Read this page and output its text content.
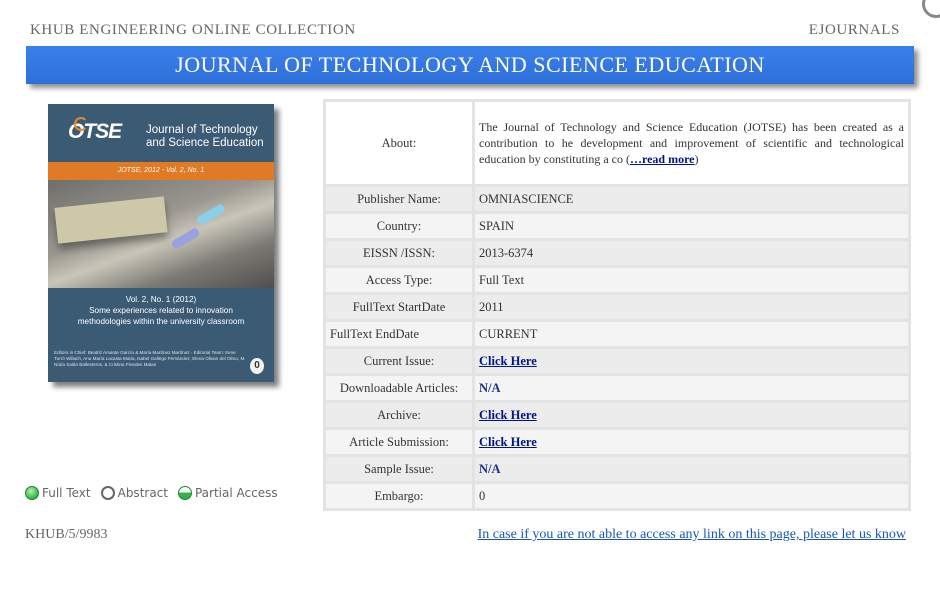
KHUB ENGINEERING ONLINE COLLECTION	EJOURNALS
JOURNAL OF TECHNOLOGY AND SCIENCE EDUCATION
OTSE Journal of Technology
and Science Education
JOTSE, 2012 - Vol. 2, No. 1
Vol. 2, No. 1 (2012)
Some experiences related to innovation
methodologies within the university classroom
Editors in Chief: Beatriz Amante García & María Martínez Martínez · Editorial Team: Irene Turró Willach, Ana María Lacasta Matía, Isabel Gallego Fernández, Elena Olivan del Olmo, M. Núria Salán Ballesteros, & Cristina Pinedes Matas	0
Full Text Abstract Partial Access
About:	The Journal of Technology and Science Education (JOTSE) has been created as a contribution to he development and improvement of scientific and technological education by constituting a co (…read more)
Publisher Name:	OMNIASCIENCE
Country:	SPAIN
EISSN /ISSN:	2013-6374
Access Type:	Full Text
FullText StartDate	2011
FullText EndDate	CURRENT
Current Issue:	Click Here
Downloadable Articles:	N/A
Archive:	Click Here
Article Submission:	Click Here
Sample Issue:	N/A
Embargo:	0
KHUB/5/9983	In case if you are not able to access any link on this page, please let us know
